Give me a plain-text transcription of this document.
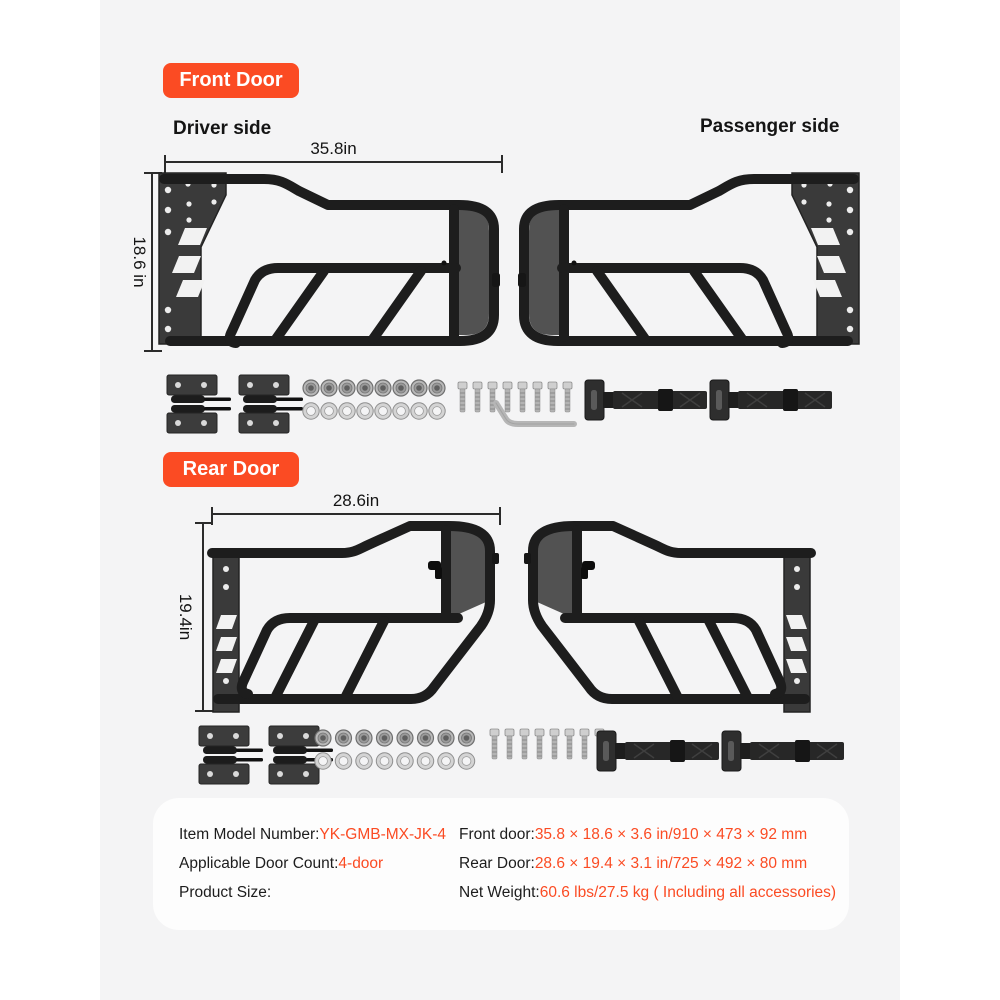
Front Door
Driver side	Passenger side
35.8in
18.6 in
Rear Door
28.6in
19.4in
Item Model Number: YK-GMB-MX-JK-4
Applicable Door Count: 4-door
Product Size:
Front door: 35.8 × 18.6 × 3.6 in/910 × 473 × 92 mm
Rear Door: 28.6 × 19.4 × 3.1 in/725 × 492 × 80 mm
Net Weight: 60.6 lbs/27.5 kg ( Including all accessories)
